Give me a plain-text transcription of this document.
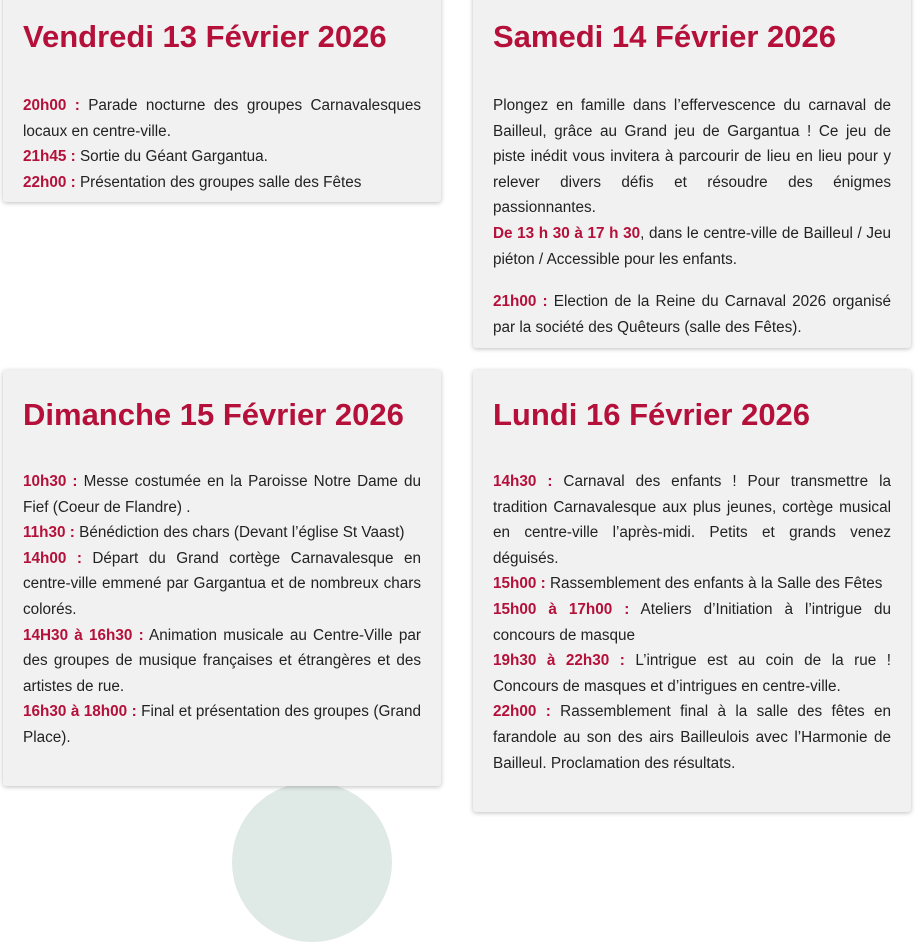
Vendredi 13 Février 2026

20h00 : Parade nocturne des groupes Carnavalesques locaux en centre-ville.

21h45 : Sortie du Géant Gargantua.

22h00 : Présentation des groupes salle des Fêtes

Samedi 14 Février 2026

Plongez en famille dans l’effervescence du carnaval de Bailleul, grâce au Grand jeu de Gargantua ! Ce jeu de piste inédit vous invitera à parcourir de lieu en lieu pour y relever divers défis et résoudre des énigmes passionnantes.

De 13 h 30 à 17 h 30, dans le centre-ville de Bailleul / Jeu piéton / Accessible pour les enfants.

21h00 : Election de la Reine du Carnaval 2026 organisé par la société des Quêteurs (salle des Fêtes).

Dimanche 15 Février 2026

10h30 : Messe costumée en la Paroisse Notre Dame du Fief (Coeur de Flandre) .

11h30 : Bénédiction des chars (Devant l’église St Vaast)

14h00 : Départ du Grand cortège Carnavalesque en centre-ville emmené par Gargantua et de nombreux chars colorés.

14H30 à 16h30 : Animation musicale au Centre-Ville par des groupes de musique françaises et étrangères et des artistes de rue.

16h30 à 18h00 : Final et présentation des groupes (Grand Place).

Lundi 16 Février 2026

14h30 : Carnaval des enfants ! Pour transmettre la tradition Carnavalesque aux plus jeunes, cortège musical en centre-ville l’après-midi. Petits et grands venez déguisés.

15h00 : Rassemblement des enfants à la Salle des Fêtes

15h00 à 17h00 : Ateliers d’Initiation à l’intrigue du concours de masque

19h30 à 22h30 : L’intrigue est au coin de la rue ! Concours de masques et d’intrigues en centre-ville.

22h00 : Rassemblement final à la salle des fêtes en farandole au son des airs Bailleulois avec l’Harmonie de Bailleul. Proclamation des résultats.
